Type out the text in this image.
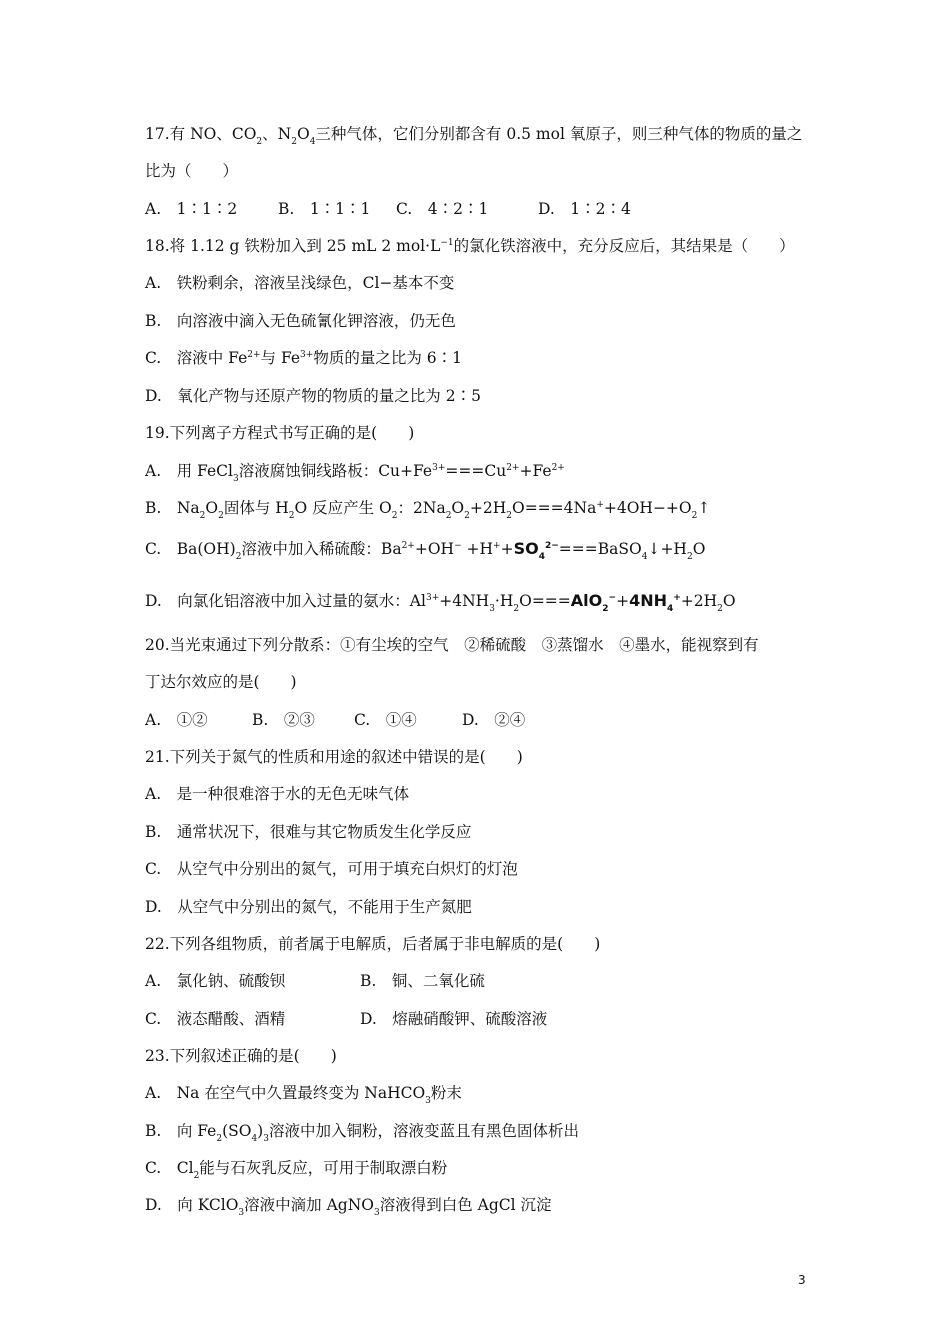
17.有 NO、$CO_2$、$N_2O_4$三种气体，它们分别都含有 0.5 mol 氧原子，则三种气体的物质的量之
比为（　　）
A.　1∶1∶2	B.　1∶1∶1 C.　4∶2∶1	D.　1∶2∶4
18.将 1.12 g 铁粉加入到 25 mL 2 $mol\cdot L^{-1}$的氯化铁溶液中，充分反应后，其结果是（　　）
A.　铁粉剩余，溶液呈浅绿色，Cl−基本不变
B.　向溶液中滴入无色硫氰化钾溶液，仍无色
C.　溶液中 $Fe^{2+}$与 $Fe^{3+}$物质的量之比为 6∶1
D.　氧化产物与还原产物的物质的量之比为 2∶5
19.下列离子方程式书写正确的是(　　)
A.　用 FeCl$_3$溶液腐蚀铜线路板：$Cu+Fe^{3+}===Cu^{2+}+Fe^{2+}$
B.　$Na_2O_2$固体与 $H_2O$ 反应产生 $O_2$：$2Na_2O_2+2H_2O===4Na^++4OH-+O_2↑$
C.　$Ba(OH)_2$溶液中加入稀硫酸：$Ba^{2+}+OH^-$ $+H^++SO_4^{2-}===BaSO_4↓+H_2O$
D.　向氯化铝溶液中加入过量的氨水：$Al^{3+}+4NH_3\cdot H_2O===AlO_2^-+4NH_4^++2H_2O$
20.当光束通过下列分散系：①有尘埃的空气　②稀硫酸　③蒸馏水　④墨水，能视察到有
丁达尔效应的是(　　)
A.　①②	B.　②③	C.　①④	D.　②④
21.下列关于氮气的性质和用途的叙述中错误的是(　　)
A.　是一种很难溶于水的无色无味气体
B.　通常状况下，很难与其它物质发生化学反应
C.　从空气中分别出的氮气，可用于填充白炽灯的灯泡
D.　从空气中分别出的氮气，不能用于生产氮肥
22.下列各组物质，前者属于电解质，后者属于非电解质的是(　　)
A.　氯化钠、硫酸钡	B.　铜、二氧化硫
C.　液态醋酸、酒精	D.　熔融硝酸钾、硫酸溶液
23.下列叙述正确的是(　　)
A.　Na 在空气中久置最终变为 NaHCO$_3$粉末
B.　向 $Fe_2(SO_4)_3$溶液中加入铜粉，溶液变蓝且有黑色固体析出
C.　$Cl_2$能与石灰乳反应，可用于制取漂白粉
D.　向 KClO$_3$溶液中滴加 AgNO$_3$溶液得到白色 AgCl 沉淀
3
